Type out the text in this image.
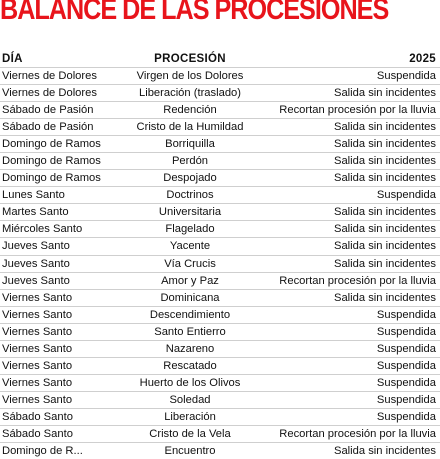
BALANCE DE LAS PROCESIONES
DÍA	PROCESIÓN	2025
Viernes de Dolores	Virgen de los Dolores	Suspendida
Viernes de Dolores	Liberación (traslado)	Salida sin incidentes
Sábado de Pasión	Redención	Recortan procesión por la lluvia
Sábado de Pasión	Cristo de la Humildad	Salida sin incidentes
Domingo de Ramos	Borriquilla	Salida sin incidentes
Domingo de Ramos	Perdón	Salida sin incidentes
Domingo de Ramos	Despojado	Salida sin incidentes
Lunes Santo	Doctrinos	Suspendida
Martes Santo	Universitaria	Salida sin incidentes
Miércoles Santo	Flagelado	Salida sin incidentes
Jueves Santo	Yacente	Salida sin incidentes
Jueves Santo	Vía Crucis	Salida sin incidentes
Jueves Santo	Amor y Paz	Recortan procesión por la lluvia
Viernes Santo	Dominicana	Salida sin incidentes
Viernes Santo	Descendimiento	Suspendida
Viernes Santo	Santo Entierro	Suspendida
Viernes Santo	Nazareno	Suspendida
Viernes Santo	Rescatado	Suspendida
Viernes Santo	Huerto de los Olivos	Suspendida
Viernes Santo	Soledad	Suspendida
Sábado Santo	Liberación	Suspendida
Sábado Santo	Cristo de la Vela	Recortan procesión por la lluvia
Domingo de R...	Encuentro	Salida sin incidentes
